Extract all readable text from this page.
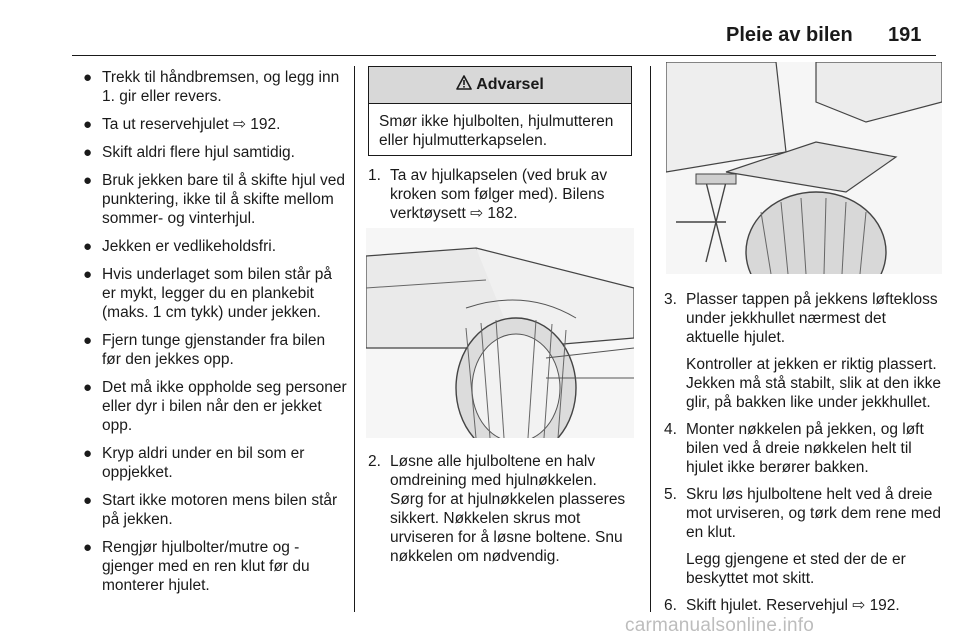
Pleie av bilen 191
● Trekk til håndbremsen, og legg inn 1. gir eller revers.
● Ta ut reservehjulet ⇨ 192.
● Skift aldri flere hjul samtidig.
● Bruk jekken bare til å skifte hjul ved punktering, ikke til å skifte mellom sommer- og vinterhjul.
● Jekken er vedlikeholdsfri.
● Hvis underlaget som bilen står på er mykt, legger du en plankebit (maks. 1 cm tykk) under jekken.
● Fjern tunge gjenstander fra bilen før den jekkes opp.
● Det må ikke oppholde seg personer eller dyr i bilen når den er jekket opp.
● Kryp aldri under en bil som er oppjekket.
● Start ikke motoren mens bilen står på jekken.
● Rengjør hjulbolter/mutre og -gjenger med en ren klut før du monterer hjulet.
Advarsel
Smør ikke hjulbolten, hjulmutteren eller hjulmutterkapselen.
1. Ta av hjulkapselen (ved bruk av kroken som følger med). Bilens verktøysett ⇨ 182.

2. Løsne alle hjulboltene en halv omdreining med hjulnøkkelen. Sørg for at hjulnøkkelen plasseres sikkert. Nøkkelen skrus mot urviseren for å løsne boltene. Snu nøkkelen om nødvendig.

3. Plasser tappen på jekkens løftekloss under jekkhullet nærmest det aktuelle hjulet.

Kontroller at jekken er riktig plassert. Jekken må stå stabilt, slik at den ikke glir, på bakken like under jekkhullet.

4. Monter nøkkelen på jekken, og løft bilen ved å dreie nøkkelen helt til hjulet ikke berører bakken.

5. Skru løs hjulboltene helt ved å dreie mot urviseren, og tørk dem rene med en klut.

Legg gjengene et sted der de er beskyttet mot skitt.

6. Skift hjulet. Reservehjul ⇨ 192.

carmanualsonline.info
